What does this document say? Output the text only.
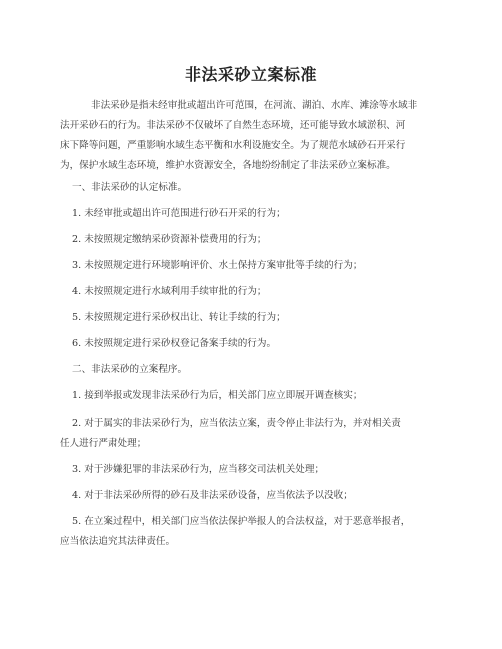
非法采砂立案标准
非法采砂是指未经审批或超出许可范围，在河流、湖泊、水库、滩涂等水域非
法开采砂石的行为。非法采砂不仅破坏了自然生态环境，还可能导致水域淤积、河
床下降等问题，严重影响水域生态平衡和水利设施安全。为了规范水域砂石开采行
为，保护水域生态环境，维护水资源安全，各地纷纷制定了非法采砂立案标准。
一、非法采砂的认定标准。
1. 未经审批或超出许可范围进行砂石开采的行为；
2. 未按照规定缴纳采砂资源补偿费用的行为；
3. 未按照规定进行环境影响评价、水土保持方案审批等手续的行为；
4. 未按照规定进行水域利用手续审批的行为；
5. 未按照规定进行采砂权出让、转让手续的行为；
6. 未按照规定进行采砂权登记备案手续的行为。
二、非法采砂的立案程序。
1. 接到举报或发现非法采砂行为后，相关部门应立即展开调查核实；
2. 对于属实的非法采砂行为，应当依法立案，责令停止非法行为，并对相关责
任人进行严肃处理；
3. 对于涉嫌犯罪的非法采砂行为，应当移交司法机关处理；
4. 对于非法采砂所得的砂石及非法采砂设备，应当依法予以没收；
5. 在立案过程中，相关部门应当依法保护举报人的合法权益，对于恶意举报者，
应当依法追究其法律责任。
